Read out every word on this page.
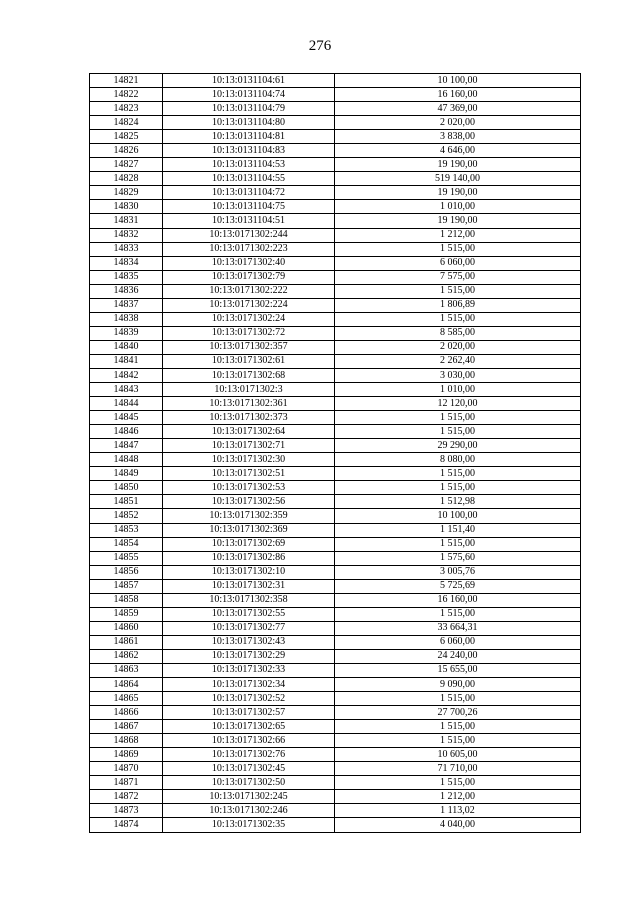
276
14821	10:13:0131104:61	10 100,00
14822	10:13:0131104:74	16 160,00
14823	10:13:0131104:79	47 369,00
14824	10:13:0131104:80	2 020,00
14825	10:13:0131104:81	3 838,00
14826	10:13:0131104:83	4 646,00
14827	10:13:0131104:53	19 190,00
14828	10:13:0131104:55	519 140,00
14829	10:13:0131104:72	19 190,00
14830	10:13:0131104:75	1 010,00
14831	10:13:0131104:51	19 190,00
14832	10:13:0171302:244	1 212,00
14833	10:13:0171302:223	1 515,00
14834	10:13:0171302:40	6 060,00
14835	10:13:0171302:79	7 575,00
14836	10:13:0171302:222	1 515,00
14837	10:13:0171302:224	1 806,89
14838	10:13:0171302:24	1 515,00
14839	10:13:0171302:72	8 585,00
14840	10:13:0171302:357	2 020,00
14841	10:13:0171302:61	2 262,40
14842	10:13:0171302:68	3 030,00
14843	10:13:0171302:3	1 010,00
14844	10:13:0171302:361	12 120,00
14845	10:13:0171302:373	1 515,00
14846	10:13:0171302:64	1 515,00
14847	10:13:0171302:71	29 290,00
14848	10:13:0171302:30	8 080,00
14849	10:13:0171302:51	1 515,00
14850	10:13:0171302:53	1 515,00
14851	10:13:0171302:56	1 512,98
14852	10:13:0171302:359	10 100,00
14853	10:13:0171302:369	1 151,40
14854	10:13:0171302:69	1 515,00
14855	10:13:0171302:86	1 575,60
14856	10:13:0171302:10	3 005,76
14857	10:13:0171302:31	5 725,69
14858	10:13:0171302:358	16 160,00
14859	10:13:0171302:55	1 515,00
14860	10:13:0171302:77	33 664,31
14861	10:13:0171302:43	6 060,00
14862	10:13:0171302:29	24 240,00
14863	10:13:0171302:33	15 655,00
14864	10:13:0171302:34	9 090,00
14865	10:13:0171302:52	1 515,00
14866	10:13:0171302:57	27 700,26
14867	10:13:0171302:65	1 515,00
14868	10:13:0171302:66	1 515,00
14869	10:13:0171302:76	10 605,00
14870	10:13:0171302:45	71 710,00
14871	10:13:0171302:50	1 515,00
14872	10:13:0171302:245	1 212,00
14873	10:13:0171302:246	1 113,02
14874	10:13:0171302:35	4 040,00
